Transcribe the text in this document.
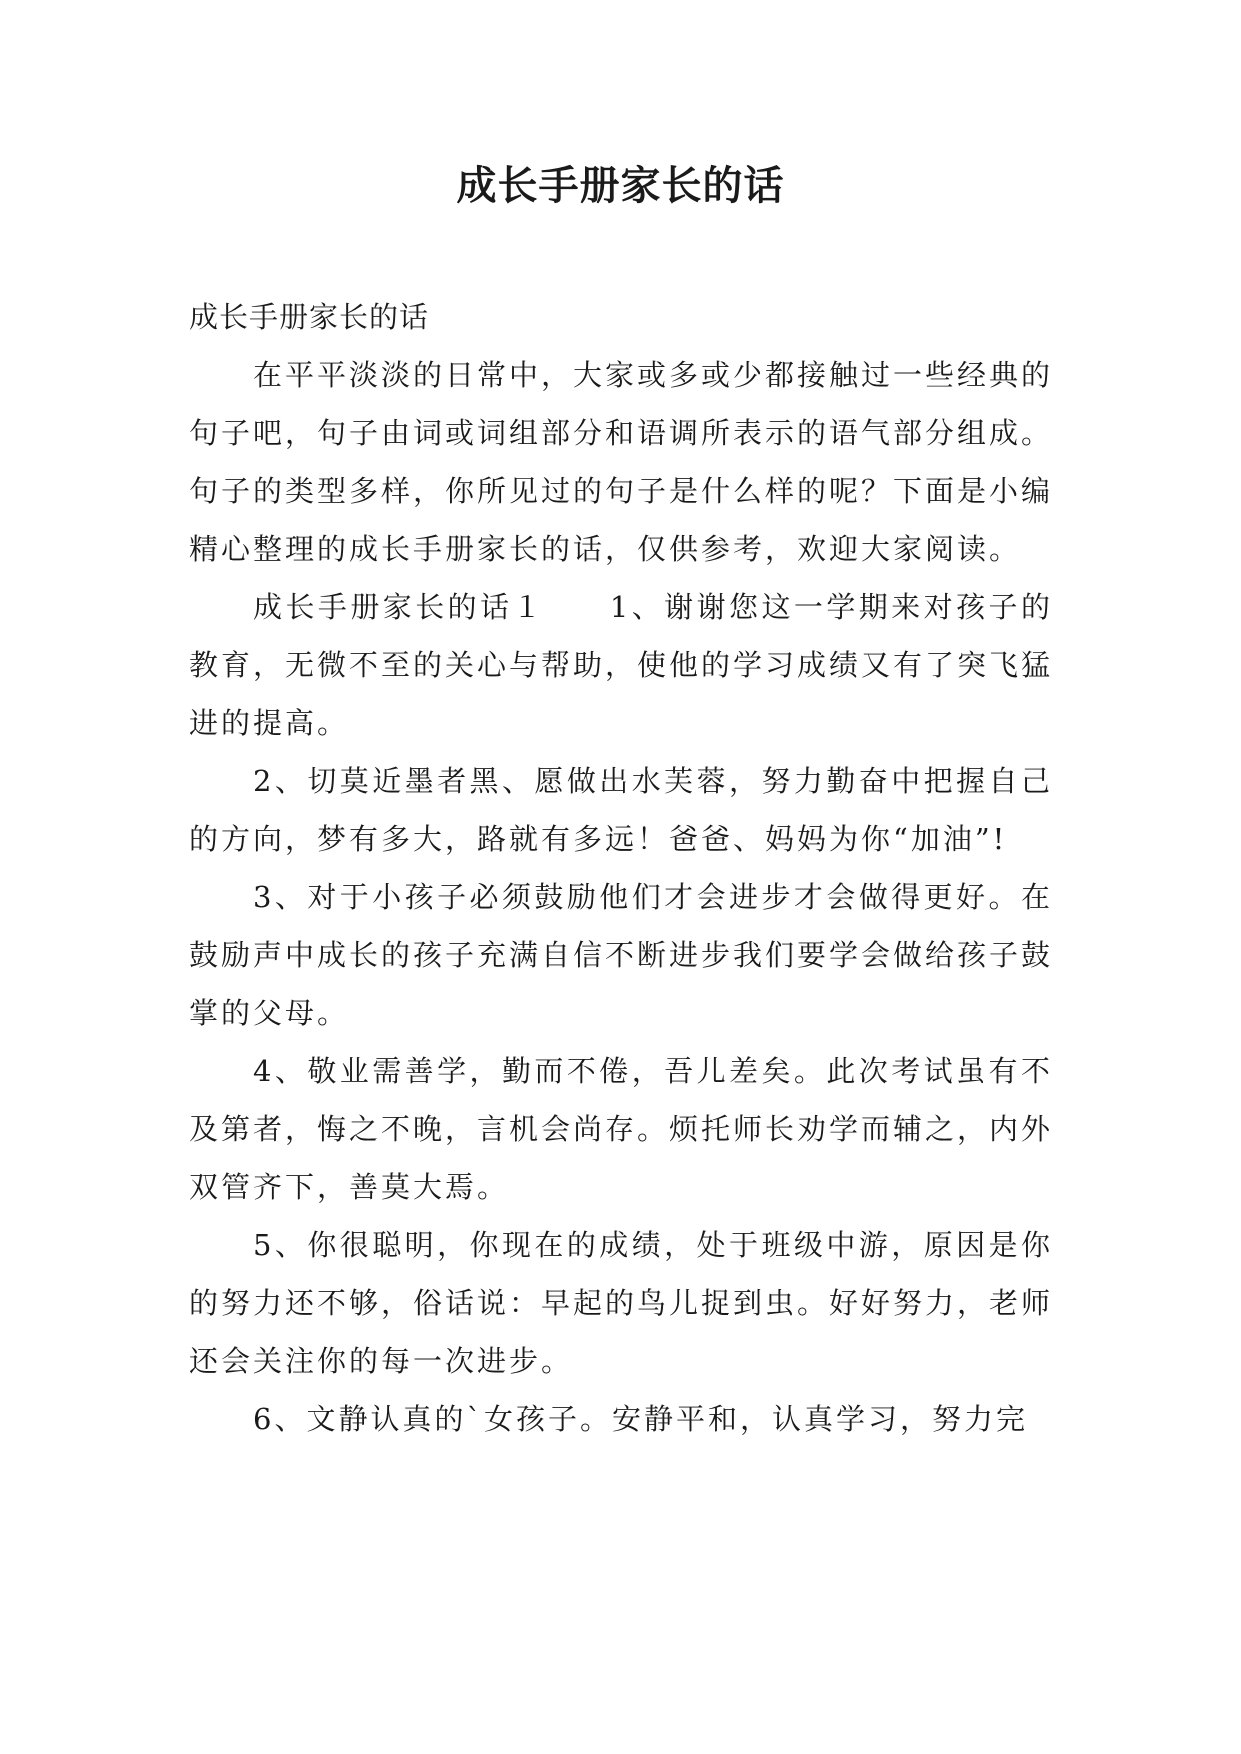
成长手册家长的话

成长手册家长的话

在平平淡淡的日常中，大家或多或少都接触过一些经典的句子吧，句子由词或词组部分和语调所表示的语气部分组成。句子的类型多样，你所见过的句子是什么样的呢？下面是小编精心整理的成长手册家长的话，仅供参考，欢迎大家阅读。

成长手册家长的话１　　1、谢谢您这一学期来对孩子的教育，无微不至的关心与帮助，使他的学习成绩又有了突飞猛进的提高。

2、切莫近墨者黑、愿做出水芙蓉，努力勤奋中把握自己的方向，梦有多大，路就有多远！爸爸、妈妈为你“加油”!

3、对于小孩子必须鼓励他们才会进步才会做得更好。在鼓励声中成长的孩子充满自信不断进步我们要学会做给孩子鼓掌的父母。

4、敬业需善学，勤而不倦，吾儿差矣。此次考试虽有不及第者，悔之不晚，言机会尚存。烦托师长劝学而辅之，内外双管齐下，善莫大焉。

5、你很聪明，你现在的成绩，处于班级中游，原因是你的努力还不够，俗话说：早起的鸟儿捉到虫。好好努力，老师还会关注你的每一次进步。

6、文静认真的`女孩子。安静平和，认真学习，努力完
